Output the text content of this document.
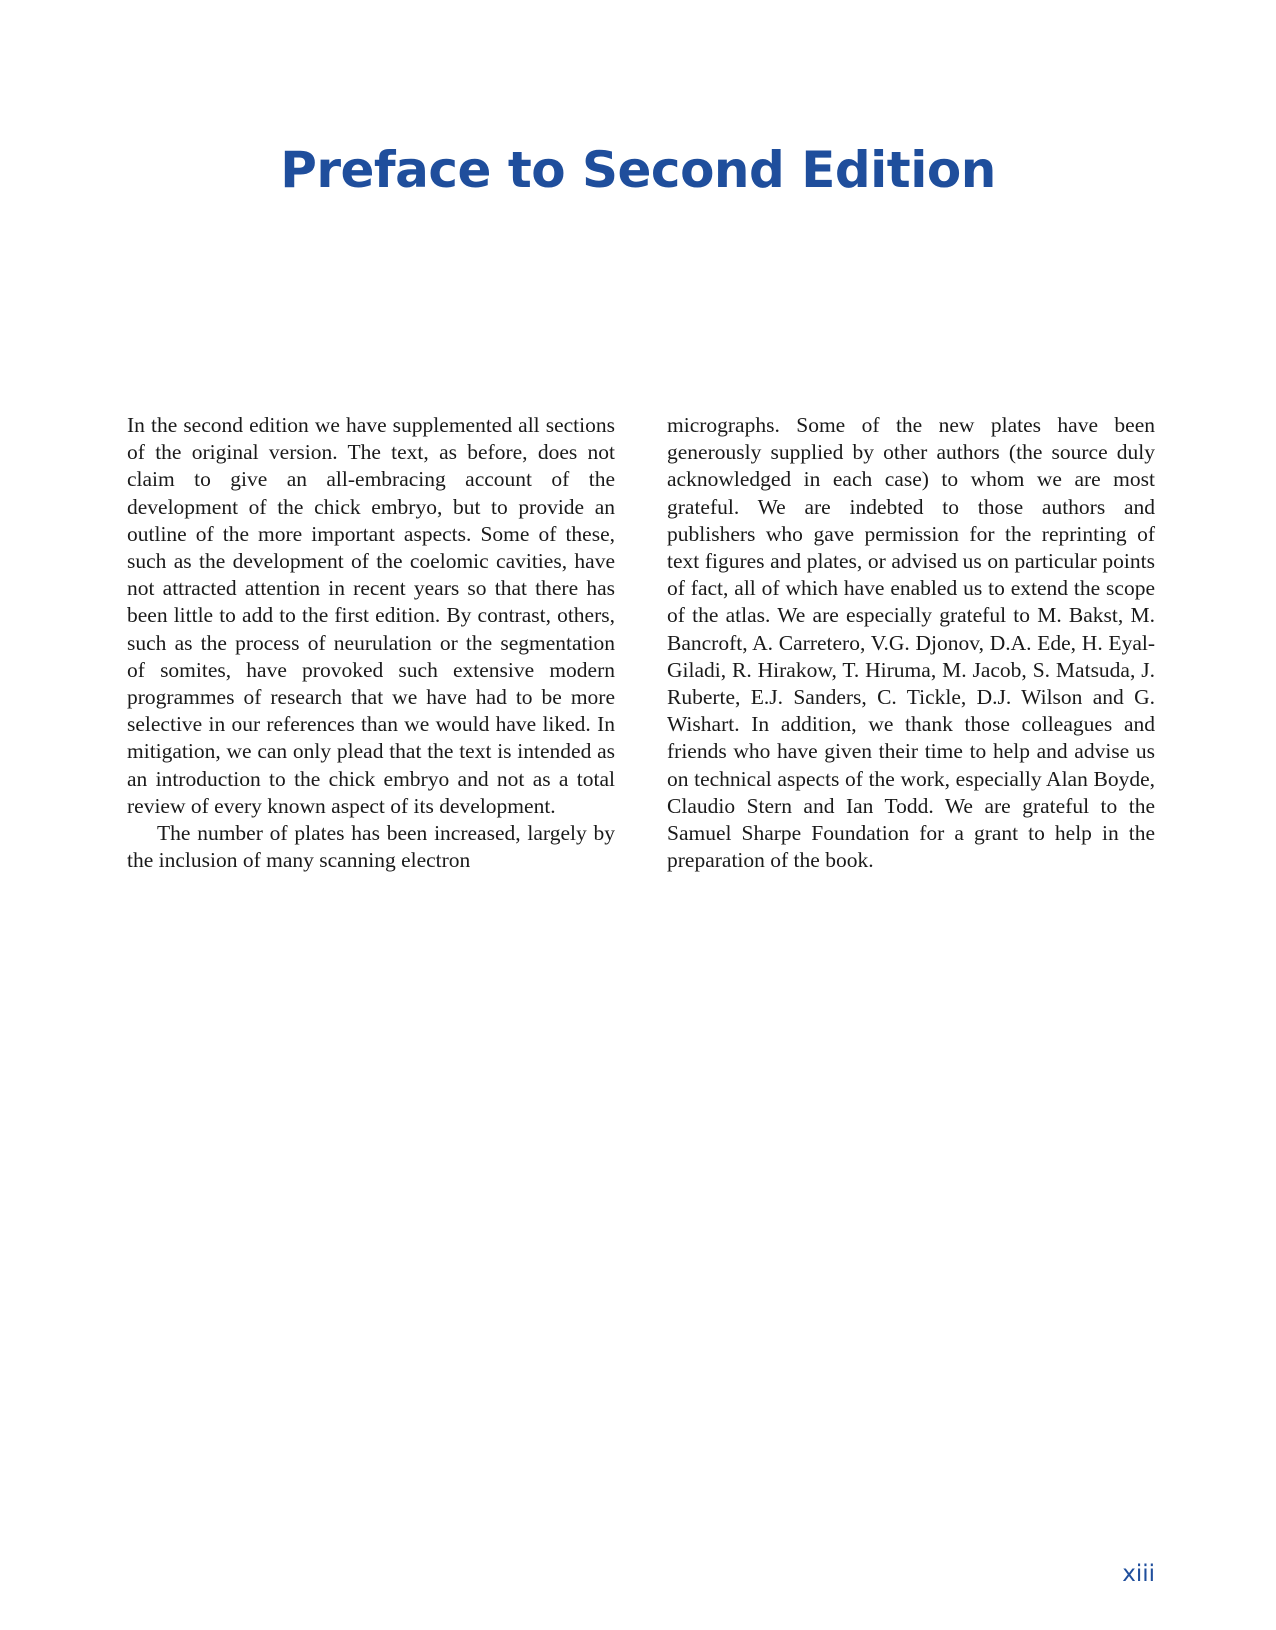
Preface to Second Edition

In the second edition we have supplemented all sections of the original version. The text, as before, does not claim to give an all-embracing account of the development of the chick embryo, but to provide an outline of the more important aspects. Some of these, such as the development of the coelomic cavities, have not attracted attention in recent years so that there has been little to add to the first edition. By contrast, others, such as the process of neurulation or the segmentation of somites, have provoked such extensive modern programmes of research that we have had to be more selective in our references than we would have liked. In mitigation, we can only plead that the text is intended as an introduction to the chick embryo and not as a total review of every known aspect of its development.

The number of plates has been increased, largely by the inclusion of many scanning electron

micrographs. Some of the new plates have been generously supplied by other authors (the source duly acknowledged in each case) to whom we are most grateful. We are indebted to those authors and publishers who gave permission for the reprinting of text figures and plates, or advised us on particular points of fact, all of which have enabled us to extend the scope of the atlas. We are especially grateful to M. Bakst, M. Bancroft, A. Carretero, V.G. Djonov, D.A. Ede, H. Eyal-Giladi, R. Hirakow, T. Hiruma, M. Jacob, S. Matsuda, J. Ruberte, E.J. Sanders, C. Tickle, D.J. Wilson and G. Wishart. In addition, we thank those colleagues and friends who have given their time to help and advise us on technical aspects of the work, especially Alan Boyde, Claudio Stern and Ian Todd. We are grateful to the Samuel Sharpe Foundation for a grant to help in the preparation of the book.

xiii
